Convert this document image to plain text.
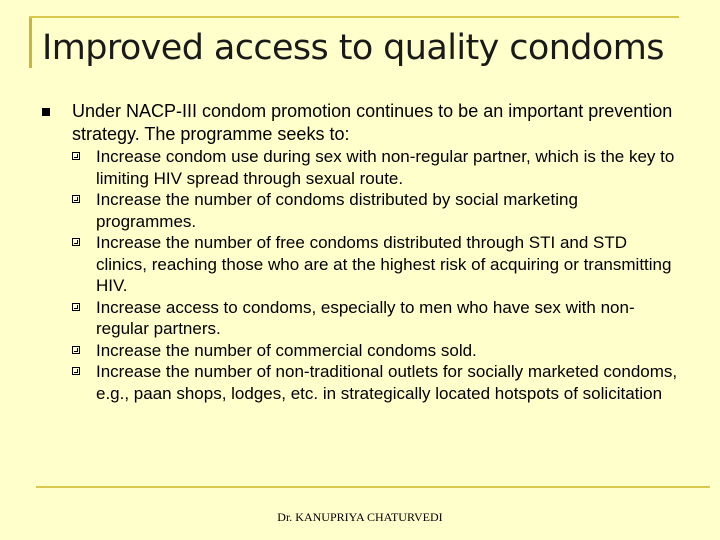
Improved access to quality condoms
Under NACP-III condom promotion continues to be an important prevention strategy. The programme seeks to:
Increase condom use during sex with non-regular partner, which is the key to limiting HIV spread through sexual route.
Increase the number of condoms distributed by social marketing programmes.
Increase the number of free condoms distributed through STI and STD clinics, reaching those who are at the highest risk of acquiring or transmitting HIV.
Increase access to condoms, especially to men who have sex with non-regular partners.
Increase the number of commercial condoms sold.
Increase the number of non-traditional outlets for socially marketed condoms, e.g., paan shops, lodges, etc. in strategically located hotspots of solicitation
Dr. KANUPRIYA CHATURVEDI
